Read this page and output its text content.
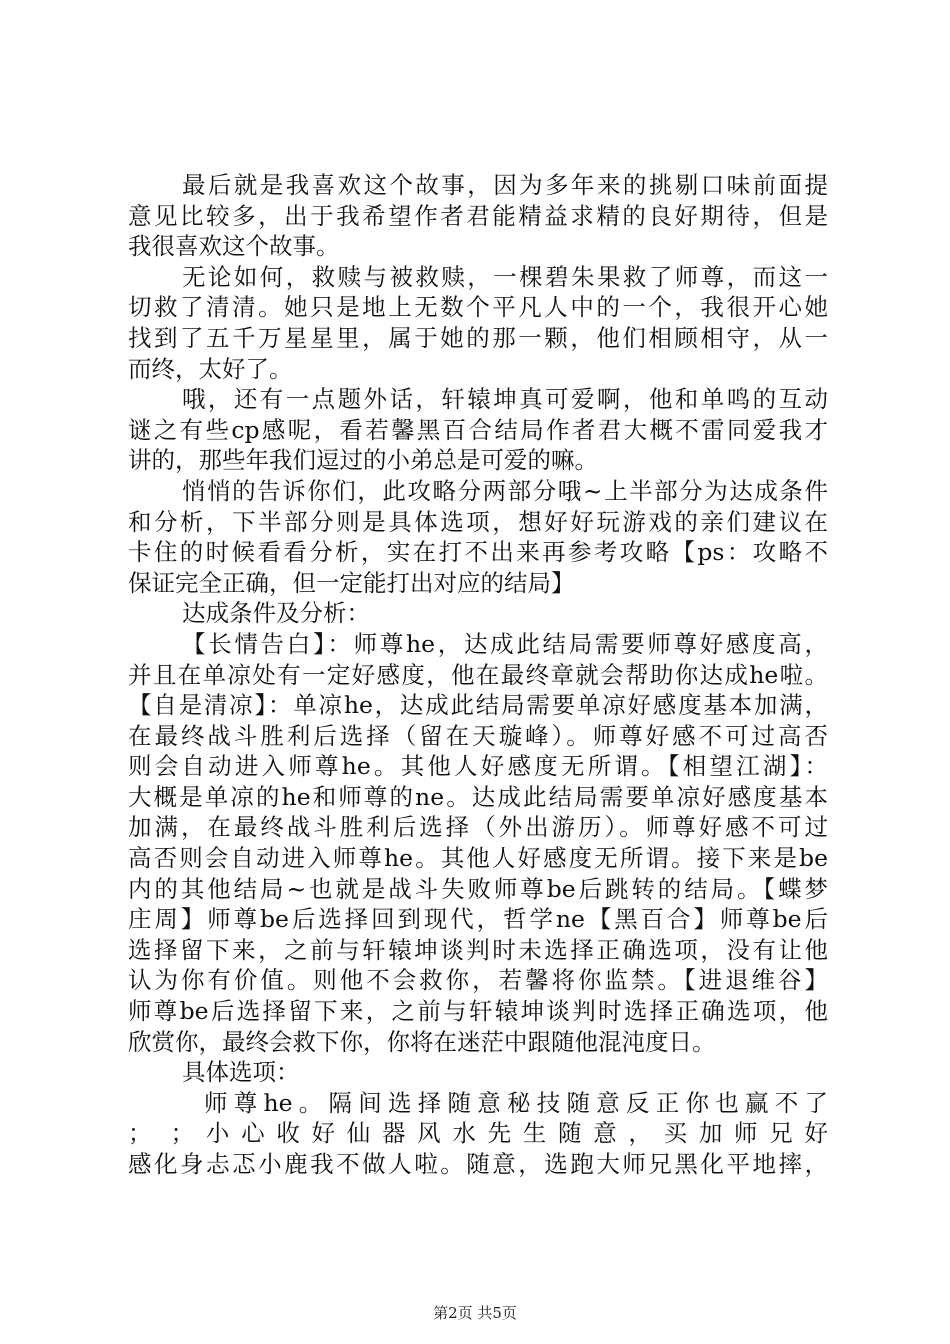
最后就是我喜欢这个故事，因为多年来的挑剔口味前面提
意见比较多，出于我希望作者君能精益求精的良好期待，但是
我很喜欢这个故事。
无论如何，救赎与被救赎，一棵碧朱果救了师尊，而这一
切救了清清。她只是地上无数个平凡人中的一个，我很开心她
找到了五千万星星里，属于她的那一颗，他们相顾相守，从一
而终，太好了。
哦，还有一点题外话，轩辕坤真可爱啊，他和单鸣的互动
谜之有些cp感呢，看若馨黑百合结局作者君大概不雷同爱我才
讲的，那些年我们逗过的小弟总是可爱的嘛。
悄悄的告诉你们，此攻略分两部分哦~上半部分为达成条件
和分析，下半部分则是具体选项，想好好玩游戏的亲们建议在
卡住的时候看看分析，实在打不出来再参考攻略【ps：攻略不
保证完全正确，但一定能打出对应的结局】
达成条件及分析：
【长情告白】：师尊he，达成此结局需要师尊好感度高，
并且在单凉处有一定好感度，他在最终章就会帮助你达成he啦。
【自是清凉】：单凉he，达成此结局需要单凉好感度基本加满，
在最终战斗胜利后选择（留在天璇峰）。师尊好感不可过高否
则会自动进入师尊he。其他人好感度无所谓。【相望江湖】：
大概是单凉的he和师尊的ne。达成此结局需要单凉好感度基本
加满，在最终战斗胜利后选择（外出游历）。师尊好感不可过
高否则会自动进入师尊he。其他人好感度无所谓。接下来是be
内的其他结局~也就是战斗失败师尊be后跳转的结局。【蝶梦
庄周】师尊be后选择回到现代，哲学ne【黑百合】师尊be后
选择留下来，之前与轩辕坤谈判时未选择正确选项，没有让他
认为你有价值。则他不会救你，若馨将你监禁。【进退维谷】
师尊be后选择留下来，之前与轩辕坤谈判时选择正确选项，他
欣赏你，最终会救下你，你将在迷茫中跟随他混沌度日。
具体选项：
师尊he。隔间选择随意秘技随意反正你也赢不了
； ；小心收好仙器风水先生随意，买加师兄好
感化身忐忑小鹿我不做人啦。随意，选跑大师兄黑化平地摔，
第2页 共5页
